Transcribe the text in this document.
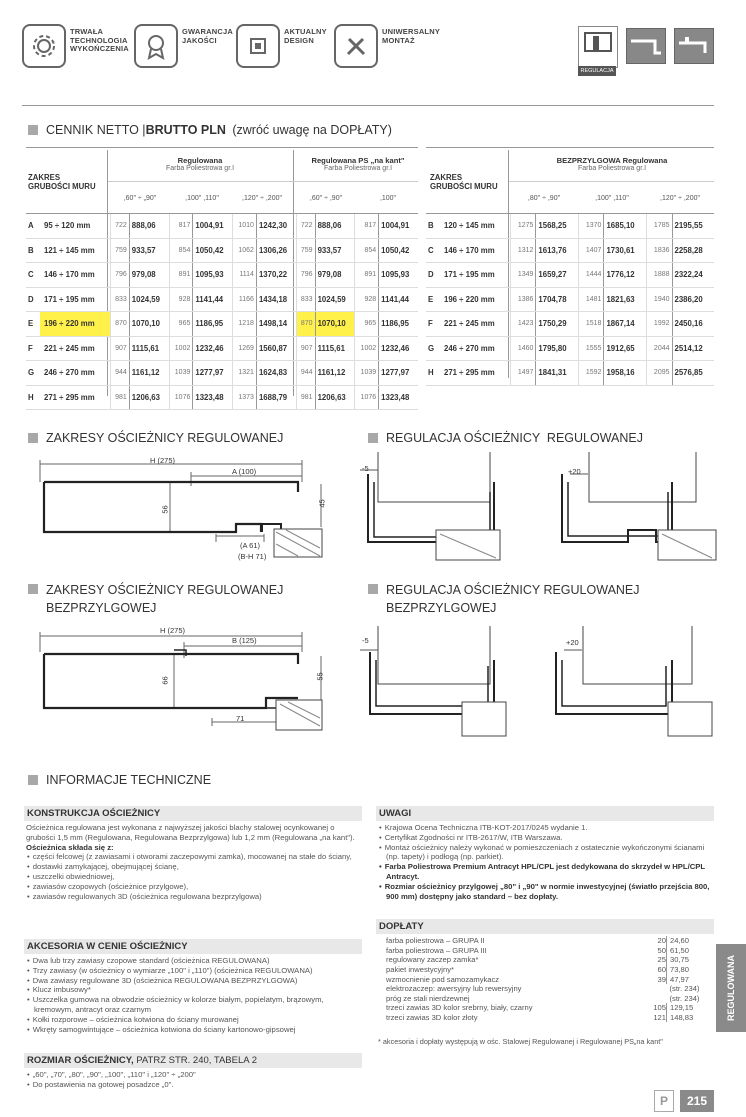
TRWAŁA
TECHNOLOGIA
WYKOŃCZENIA
GWARANCJA
JAKOŚCI
AKTUALNY
DESIGN
UNIWERSALNY
MONTAŻ
REGULACJA
CENNIK NETTO | BRUTTO PLN (zwróć uwagę na DOPŁATY)
ZAKRES
GRUBOŚCI MURU
Regulowana
Farba Poliestrowa gr.I
Regulowana PS „na kant"
Farba Poliestrowa gr.I
,60" ÷ „90"	,100" ,110"	,120" ÷ ,200"	,60" ÷ ,90"	,100"
A	95 ÷ 120 mm	722	888,06	817	1004,91	1010	1242,30	722	888,06	817	1004,91
B	121 ÷ 145 mm	759	933,57	854	1050,42	1062	1306,26	759	933,57	854	1050,42
C	146 ÷ 170 mm	796	979,08	891	1095,93	1114	1370,22	796	979,08	891	1095,93
D	171 ÷ 195 mm	833	1024,59	928	1141,44	1166	1434,18	833	1024,59	928	1141,44
E	196 ÷ 220 mm	870	1070,10	965	1186,95	1218	1498,14	870	1070,10	965	1186,95
F	221 ÷ 245 mm	907	1115,61	1002	1232,46	1269	1560,87	907	1115,61	1002	1232,46
G	246 ÷ 270 mm	944	1161,12	1039	1277,97	1321	1624,83	944	1161,12	1039	1277,97
H	271 ÷ 295 mm	981	1206,63	1076	1323,48	1373	1688,79	981	1206,63	1076	1323,48
ZAKRES
GRUBOŚCI MURU
BEZPRZYLGOWA Regulowana
Farba Poliestrowa gr.I
,80" ÷ ,90"	,100" ,110"	,120" ÷ ,200"
B	120 ÷ 145 mm	1275	1568,25	1370	1685,10	1785	2195,55
C	146 ÷ 170 mm	1312	1613,76	1407	1730,61	1836	2258,28
D	171 ÷ 195 mm	1349	1659,27	1444	1776,12	1888	2322,24
E	196 ÷ 220 mm	1386	1704,78	1481	1821,63	1940	2386,20
F	221 ÷ 245 mm	1423	1750,29	1518	1867,14	1992	2450,16
G	246 ÷ 270 mm	1460	1795,80	1555	1912,65	2044	2514,12
H	271 ÷ 295 mm	1497	1841,31	1592	1958,16	2095	2576,85
ZAKRESY OŚCIEŻNICY REGULOWANEJ	REGULACJA OŚCIEŻNICY  REGULOWANEJ
ZAKRESY OŚCIEŻNICY REGULOWANEJ
BEZPRZYLGOWEJ
REGULACJA OŚCIEŻNICY REGULOWANEJ
BEZPRZYLGOWEJ
H (275)
A (100)
56
45
(A 61)
(B-H 71)
-5	+20
H (275)
B (125)
66	55
71
-5	+20
INFORMACJE TECHNICZNE
KONSTRUKCJA OŚCIEŻNICY
Ościeżnica regulowana jest wykonana z najwyższej jakości blachy stalowej ocynkowanej o grubości 1,5 mm (Regulowana, Regulowana Bezprzylgowa) lub 1,2 mm (Regulowana „na kant").
Ościeżnica składa się z:
• części felcowej (z zawiasami i otworami zaczepowymi zamka), mocowanej na stałe do ściany,
• dostawki zamykającej, obejmującej ścianę,
• uszczelki obwiedniowej,
• zawiasów czopowych (ościeżnice przylgowe),
• zawiasów regulowanych 3D (ościeżnica regulowana bezprzylgowa)
AKCESORIA W CENIE OŚCIEŻNICY
• Dwa lub trzy zawiasy czopowe standard (ościeżnica REGULOWANA)
• Trzy zawiasy (w ościeżnicy o wymiarze „100" i „110") (ościeżnica REGULOWANA)
• Dwa zawiasy regulowane 3D (ościeżnica REGULOWANA BEZPRZYLGOWA)
• Klucz imbusowy*
• Uszczelka gumowa na obwodzie ościeżnicy w kolorze białym, popielatym, brązowym, kremowym, antracyt oraz czarnym
• Kołki rozporowe – ościeżnica kotwiona do ściany murowanej
• Wkręty samogwintujące – ościeżnica kotwiona do ściany kartonowo-gipsowej
ROZMIAR OŚCIEŻNICY, PATRZ STR. 240, TABELA 2
• „60", „70", „80", „90", „100", „110" i „120" ÷ „200"
• Do postawienia na gotowej posadzce „0".
UWAGI
• Krajowa Ocena Techniczna ITB-KOT-2017/0245 wydanie 1.
• Certyfikat Zgodności nr ITB-2617/W, ITB Warszawa.
• Montaż ościeżnicy należy wykonać w pomieszczeniach z ostatecznie wykończonymi ścianami (np. tapety) i podłogą (np. parkiet).
• Farba Poliestrowa Premium Antracyt HPL/CPL jest dedykowana do skrzydeł w HPL/CPL Antracyt.
• Rozmiar ościeżnicy przylgowej „80" i „90" w normie inwestycyjnej (światło przejścia 800, 900 mm) dostępny jako standard – bez dopłaty.
DOPŁATY
farba poliestrowa – GRUPA II	20	24,60
farba poliestrowa – GRUPA III	50	61,50
regulowany zaczep zamka*	25	30,75
pakiet inwestycyjny*	60	73,80
wzmocnienie pod samozamykacz	39	47,97
elektrozaczep: awersyjny lub rewersyjny		(str. 234)
próg ze stali nierdzewnej		(str. 234)
trzeci zawias 3D kolor srebrny, biały, czarny	105	129,15
trzeci zawias 3D kolor złoty	121	148,83
* akcesoria i dopłaty występują w ośc. Stalowej Regulowanej i Regulowanej PS„na kant"
REGULOWANA
P	215
